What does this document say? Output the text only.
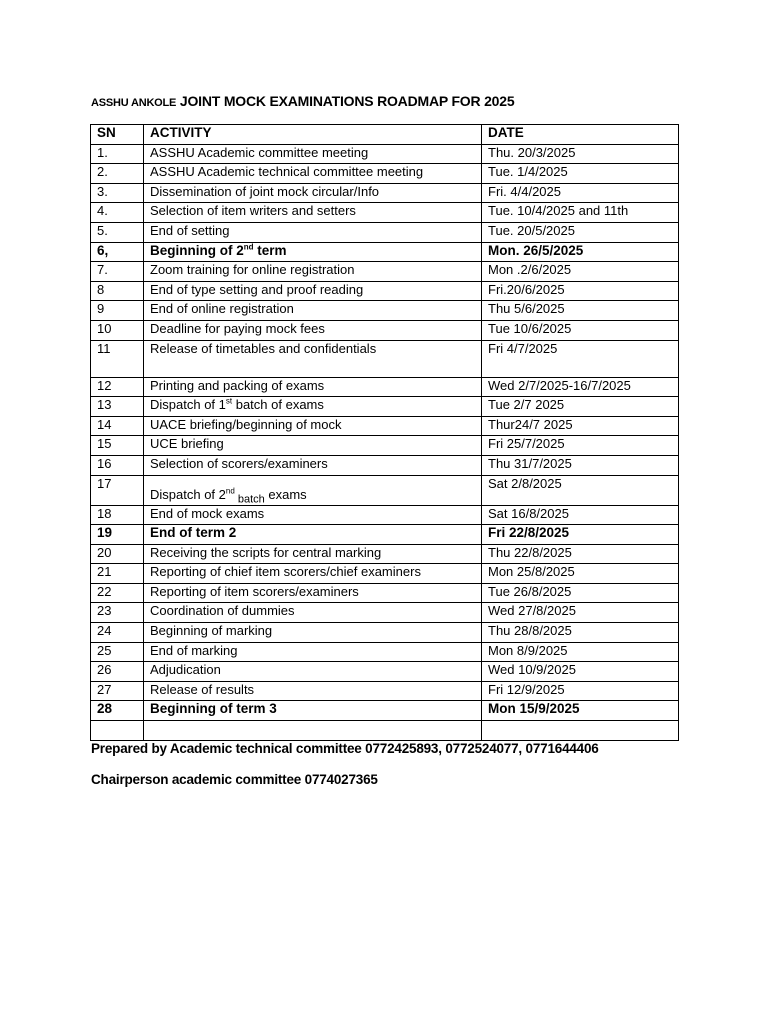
ASSHU ANKOLE JOINT MOCK EXAMINATIONS ROADMAP FOR 2025
SN	ACTIVITY	DATE
1.	ASSHU Academic committee meeting	Thu. 20/3/2025
2.	ASSHU Academic technical committee meeting	Tue. 1/4/2025
3.	Dissemination of joint mock circular/Info	Fri. 4/4/2025
4.	Selection of item writers and setters	Tue. 10/4/2025 and 11th
5.	End of setting	Tue. 20/5/2025
6,	Beginning of 2nd term	Mon. 26/5/2025
7.	Zoom training for online registration	Mon .2/6/2025
8	End of type setting and proof reading	Fri.20/6/2025
9	End of online registration	Thu 5/6/2025
10	Deadline for paying mock fees	Tue 10/6/2025
11	Release of timetables and confidentials	Fri 4/7/2025
12	Printing and packing of exams	Wed 2/7/2025-16/7/2025
13	Dispatch of 1st batch of exams	Tue 2/7 2025
14	UACE briefing/beginning of mock	Thur24/7 2025
15	UCE briefing	Fri 25/7/2025
16	Selection of scorers/examiners	Thu 31/7/2025
17	Dispatch of 2nd $_{batch}$ exams	Sat 2/8/2025
18	End of mock exams	Sat 16/8/2025
19	End of term 2	Fri 22/8/2025
20	Receiving the scripts for central marking	Thu 22/8/2025
21	Reporting of chief item scorers/chief examiners	Mon 25/8/2025
22	Reporting of item scorers/examiners	Tue 26/8/2025
23	Coordination of dummies	Wed 27/8/2025
24	Beginning of marking	Thu 28/8/2025
25	End of marking	Mon 8/9/2025
26	Adjudication	Wed 10/9/2025
27	Release of results	Fri 12/9/2025
28	Beginning of term 3	Mon 15/9/2025

Prepared by Academic technical committee 0772425893, 0772524077, 0771644406
Chairperson academic committee 0774027365
